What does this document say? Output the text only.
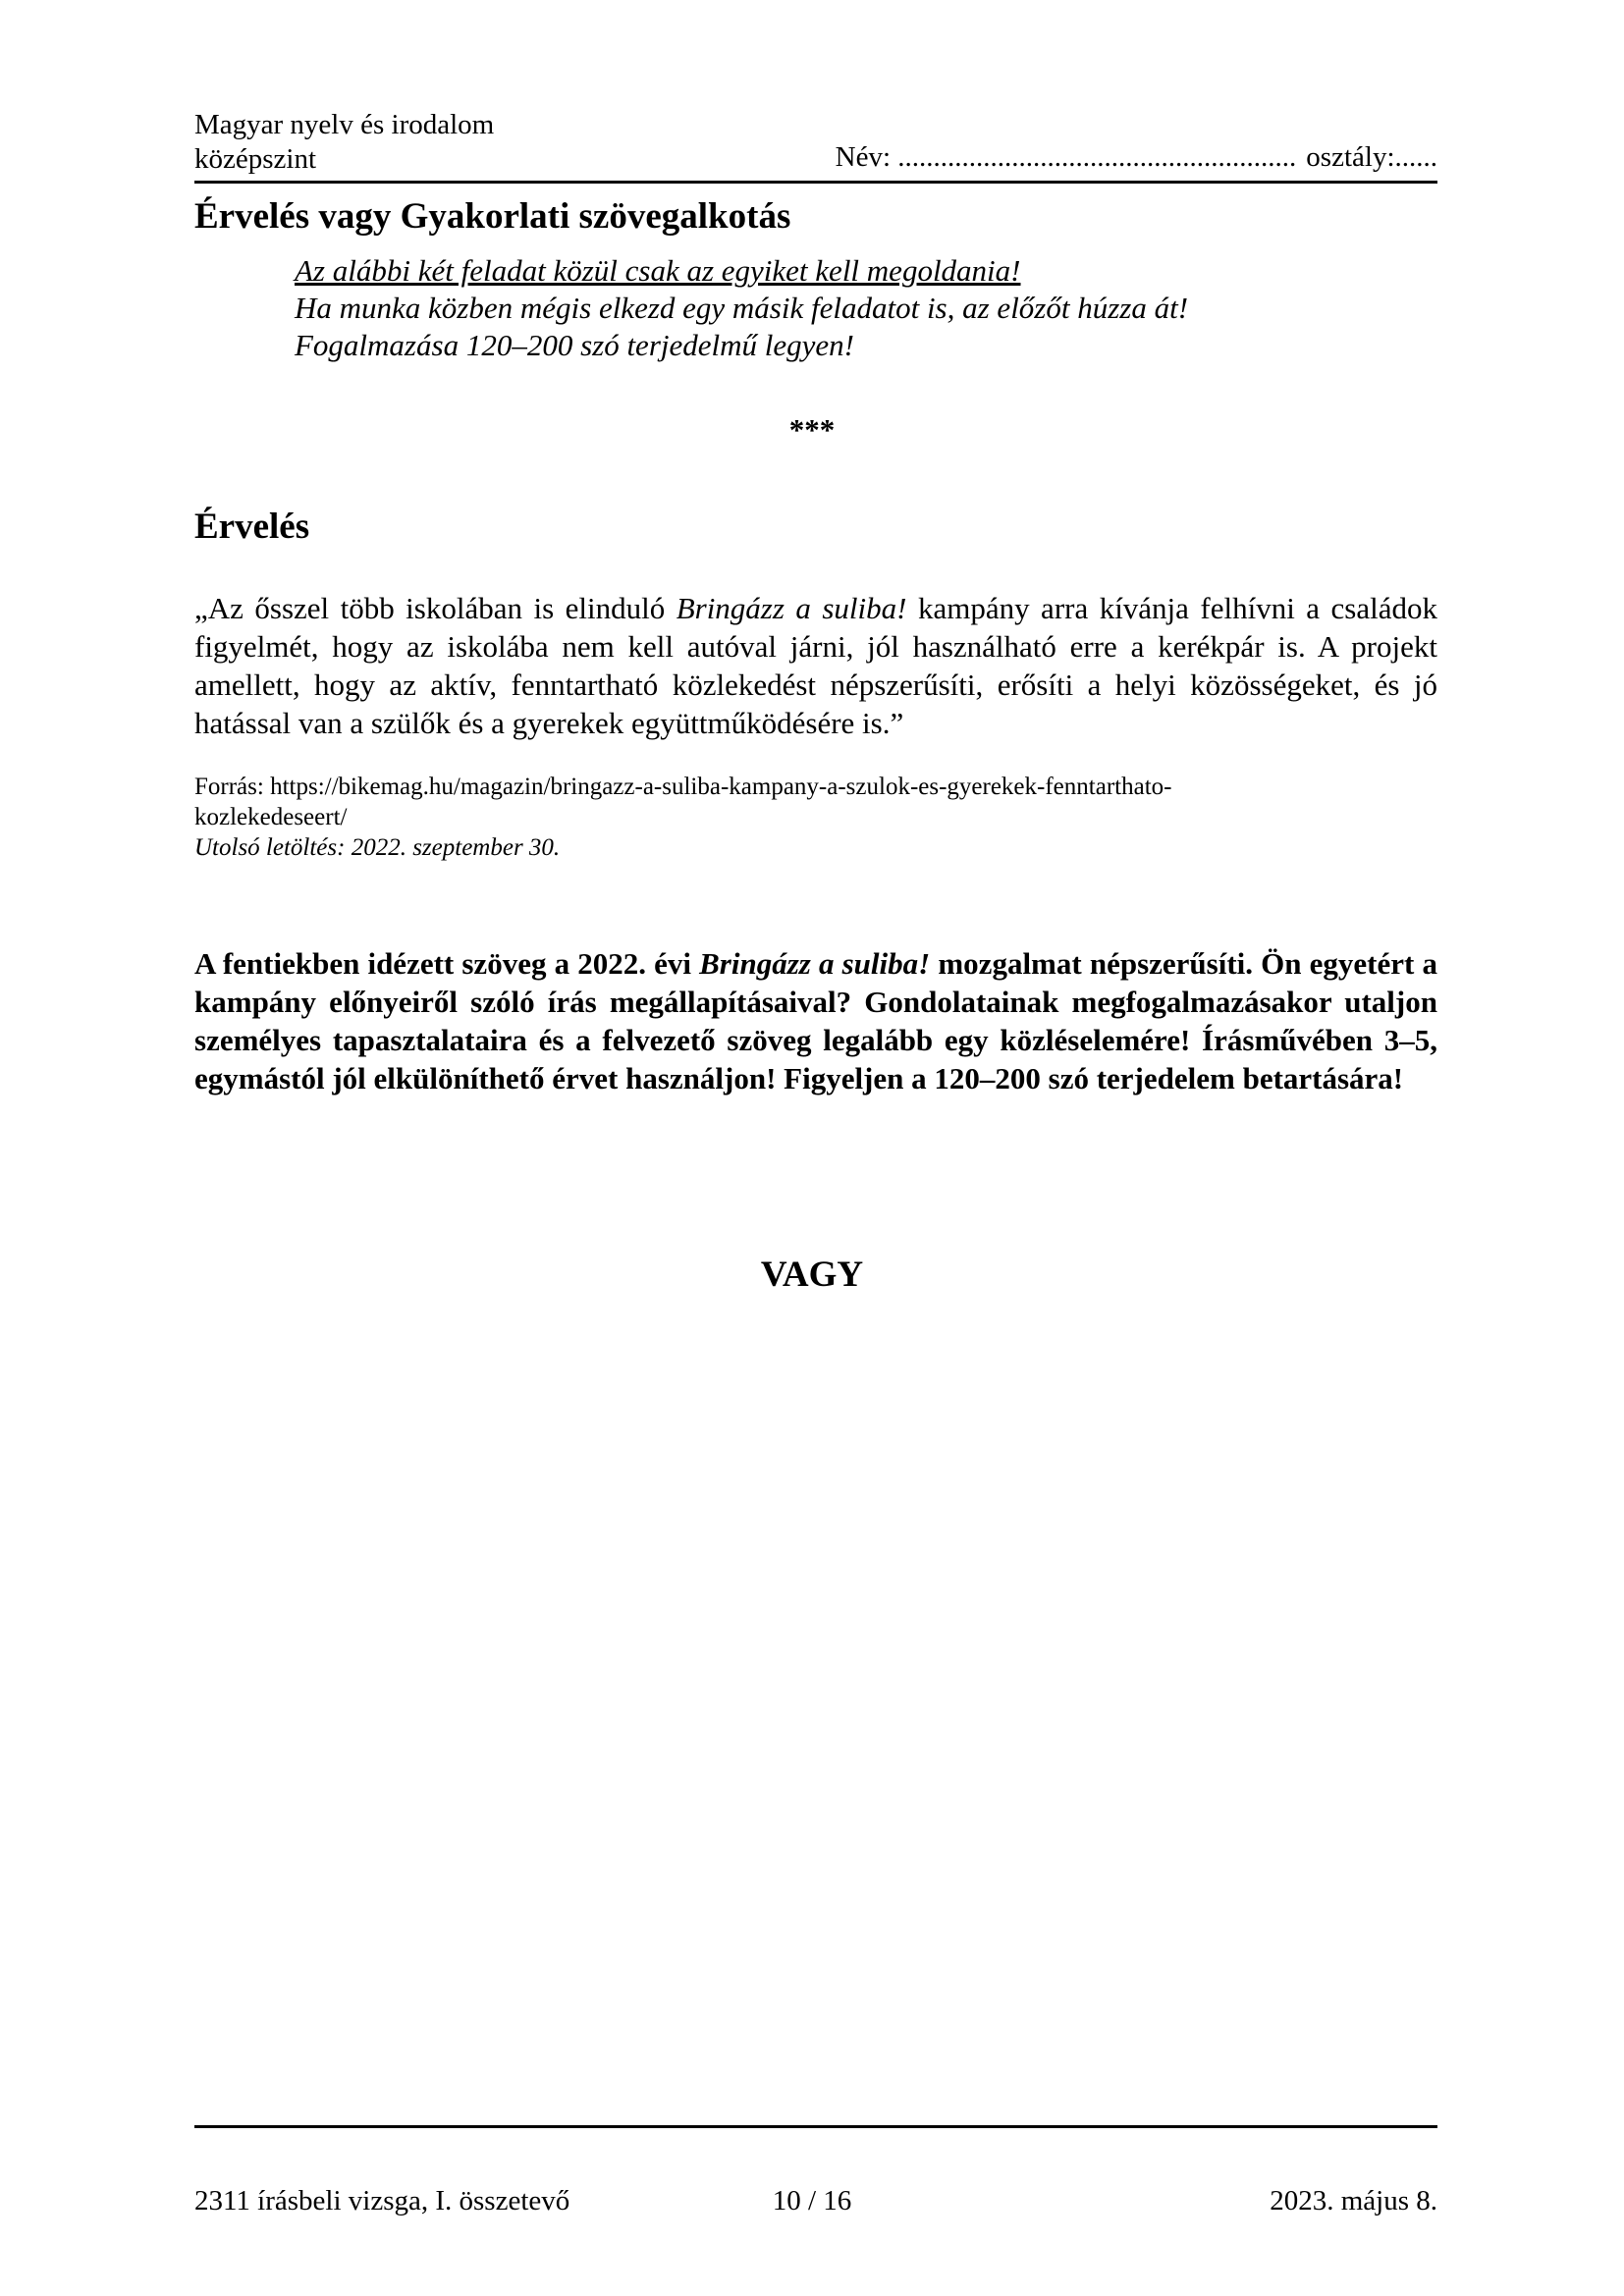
Magyar nyelv és irodalom
középszint	Név: ........................................................ osztály:......
Érvelés vagy Gyakorlati szövegalkotás
Az alábbi két feladat közül csak az egyiket kell megoldania!
Ha munka közben mégis elkezd egy másik feladatot is, az előzőt húzza át!
Fogalmazása 120–200 szó terjedelmű legyen!
***
Érvelés

„Az ősszel több iskolában is elinduló Bringázz a suliba! kampány arra kívánja felhívni a családok figyelmét, hogy az iskolába nem kell autóval járni, jól használható erre a kerékpár is. A projekt amellett, hogy az aktív, fenntartható közlekedést népszerűsíti, erősíti a helyi közösségeket, és jó hatással van a szülők és a gyerekek együttműködésére is.”

Forrás: https://bikemag.hu/magazin/bringazz-a-suliba-kampany-a-szulok-es-gyerekek-fenntarthato-
kozlekedeseert/
Utolsó letöltés: 2022. szeptember 30.

A fentiekben idézett szöveg a 2022. évi Bringázz a suliba! mozgalmat népszerűsíti. Ön egyetért a kampány előnyeiről szóló írás megállapításaival? Gondolatainak megfogalmazásakor utaljon személyes tapasztalataira és a felvezető szöveg legalább egy közléselemére! Írásművében 3–5, egymástól jól elkülöníthető érvet használjon! Figyeljen a 120–200 szó terjedelem betartására!

VAGY
2311 írásbeli vizsga, I. összetevő	10 / 16	2023. május 8.
